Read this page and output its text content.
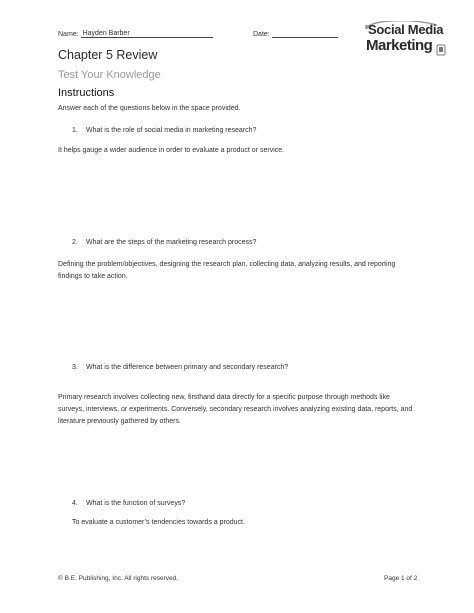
Name: Hayden Barber	Date:	Social Media
Marketing
Chapter 5 Review
Test Your Knowledge
Instructions
Answer each of the questions below in the space provided.
1. What is the role of social media in marketing research?
It helps gauge a wider audience in order to evaluate a product or service.
2. What are the steps of the marketing research process?
Defining the problem/objectives, designing the research plan, collecting data, analyzing results, and reporting findings to take action.
3. What is the difference between primary and secondary research?
Primary research involves collecting new, firsthand data directly for a specific purpose through methods like surveys, interviews, or experiments. Conversely, secondary research involves analyzing existing data, reports, and literature previously gathered by others.
4. What is the function of surveys?
To evaluate a customer’s tendencies towards a product.
© B.E. Publishing, Inc. All rights reserved.	Page 1 of 2
